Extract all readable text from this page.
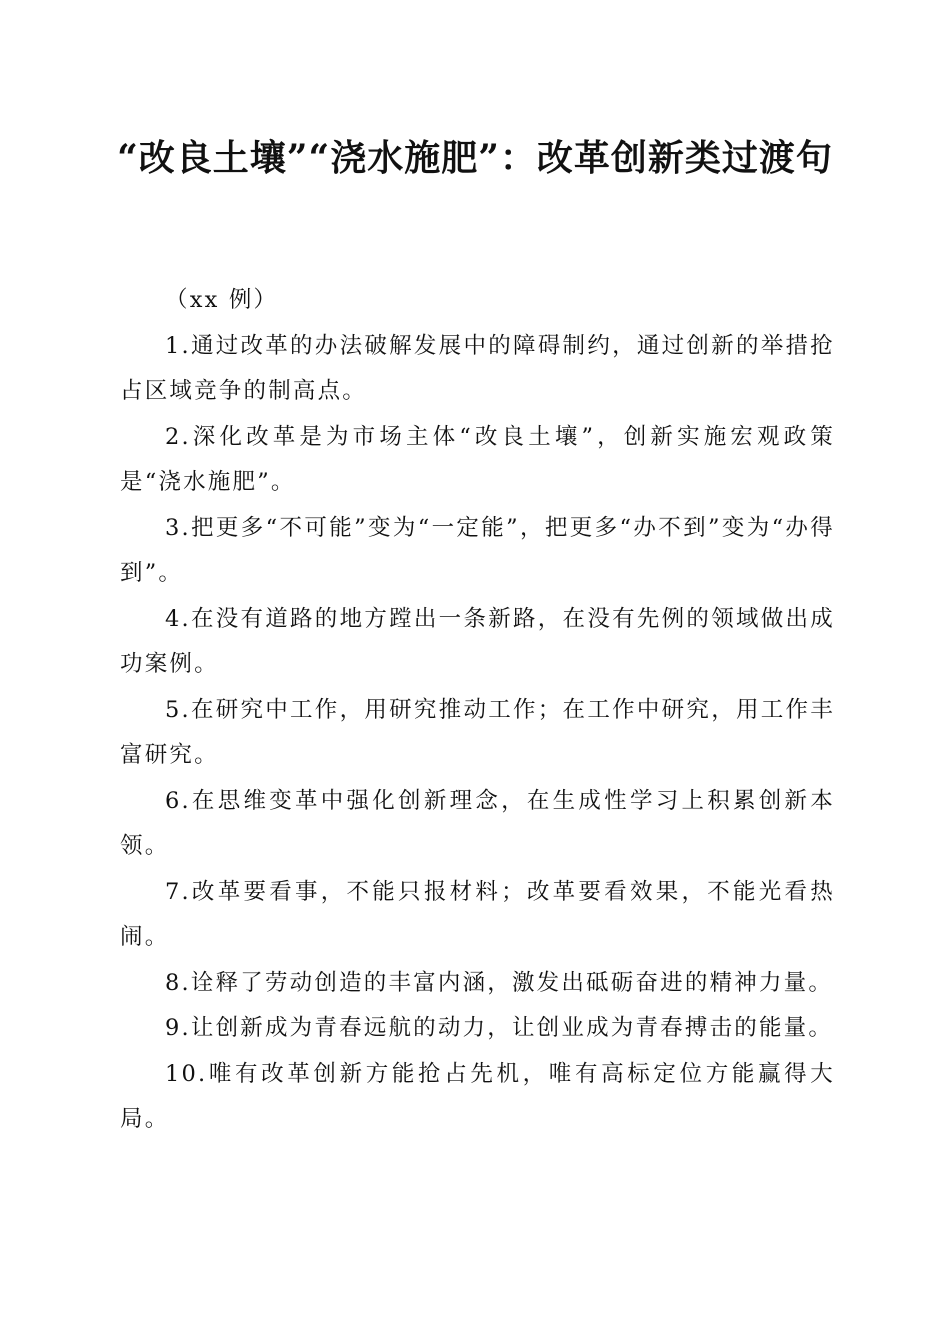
“改良土壤”“浇水施肥”：改革创新类过渡句

（xx 例）

1.通过改革的办法破解发展中的障碍制约，通过创新的举措抢占区域竞争的制高点。

2.深化改革是为市场主体“改良土壤”，创新实施宏观政策是“浇水施肥”。

3.把更多“不可能”变为“一定能”，把更多“办不到”变为“办得到”。

4.在没有道路的地方蹚出一条新路，在没有先例的领域做出成功案例。

5.在研究中工作，用研究推动工作；在工作中研究，用工作丰富研究。

6.在思维变革中强化创新理念，在生成性学习上积累创新本领。

7.改革要看事，不能只报材料；改革要看效果，不能光看热闹。

8.诠释了劳动创造的丰富内涵，激发出砥砺奋进的精神力量。

9.让创新成为青春远航的动力，让创业成为青春搏击的能量。

10.唯有改革创新方能抢占先机，唯有高标定位方能赢得大局。
